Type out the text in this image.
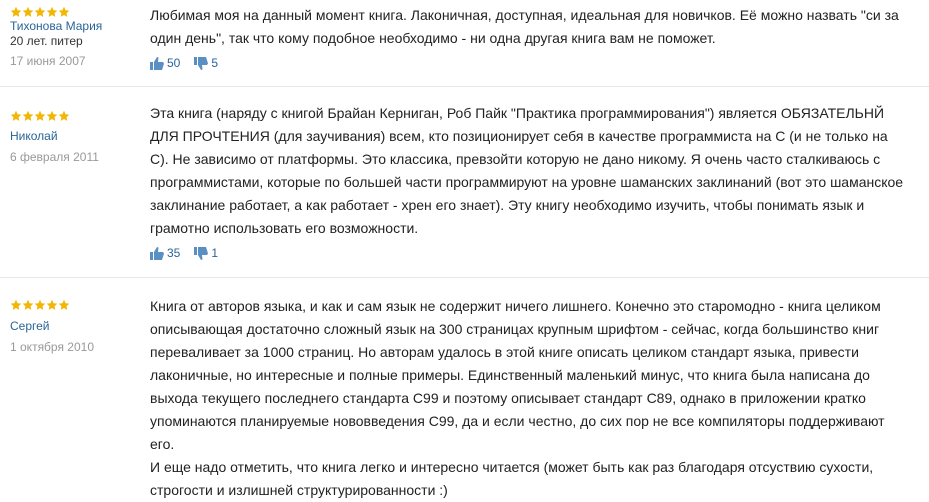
Тихонова Мария
20 лет. питер
17 июня 2007

Любимая моя на данный момент книга. Лаконичная, доступная, идеальная для новичков. Её можно назвать "си за один день", так что кому подобное необходимо - ни одна другая книга вам не поможет.

50	5
Николай
6 февраля 2011

Эта книга (наряду с книгой Брайан Керниган, Роб Пайк "Практика программирования") является ОБЯЗАТЕЛЬНЙ ДЛЯ ПРОЧТЕНИЯ (для заучивания) всем, кто позиционирует себя в качестве программиста на С (и не только на С). Не зависимо от платформы. Это классика, превзойти которую не дано никому. Я очень часто сталкиваюсь с программистами, которые по большей части программируют на уровне шаманских заклинаний (вот это шаманское заклинание работает, а как работает - хрен его знает). Эту книгу необходимо изучить, чтобы понимать язык и грамотно использовать его возможности.

35	1
Сергей
1 октября 2010

Книга от авторов языка, и как и сам язык не содержит ничего лишнего. Конечно это старомодно - книга целиком описывающая достаточно сложный язык на 300 страницах крупным шрифтом - сейчас, когда большинство книг переваливает за 1000 страниц. Но авторам удалось в этой книге описать целиком стандарт языка, привести лаконичные, но интересные и полные примеры. Единственный маленький минус, что книга была написана до выхода текущего последнего стандарта C99 и поэтому описывает стандарт C89, однако в приложении кратко упоминаются планируемые нововведения C99, да и если честно, до сих пор не все компиляторы поддерживают его.

И еще надо отметить, что книга легко и интересно читается (может быть как раз благодаря отсуствию сухости, строгости и излишней структурированности :)
